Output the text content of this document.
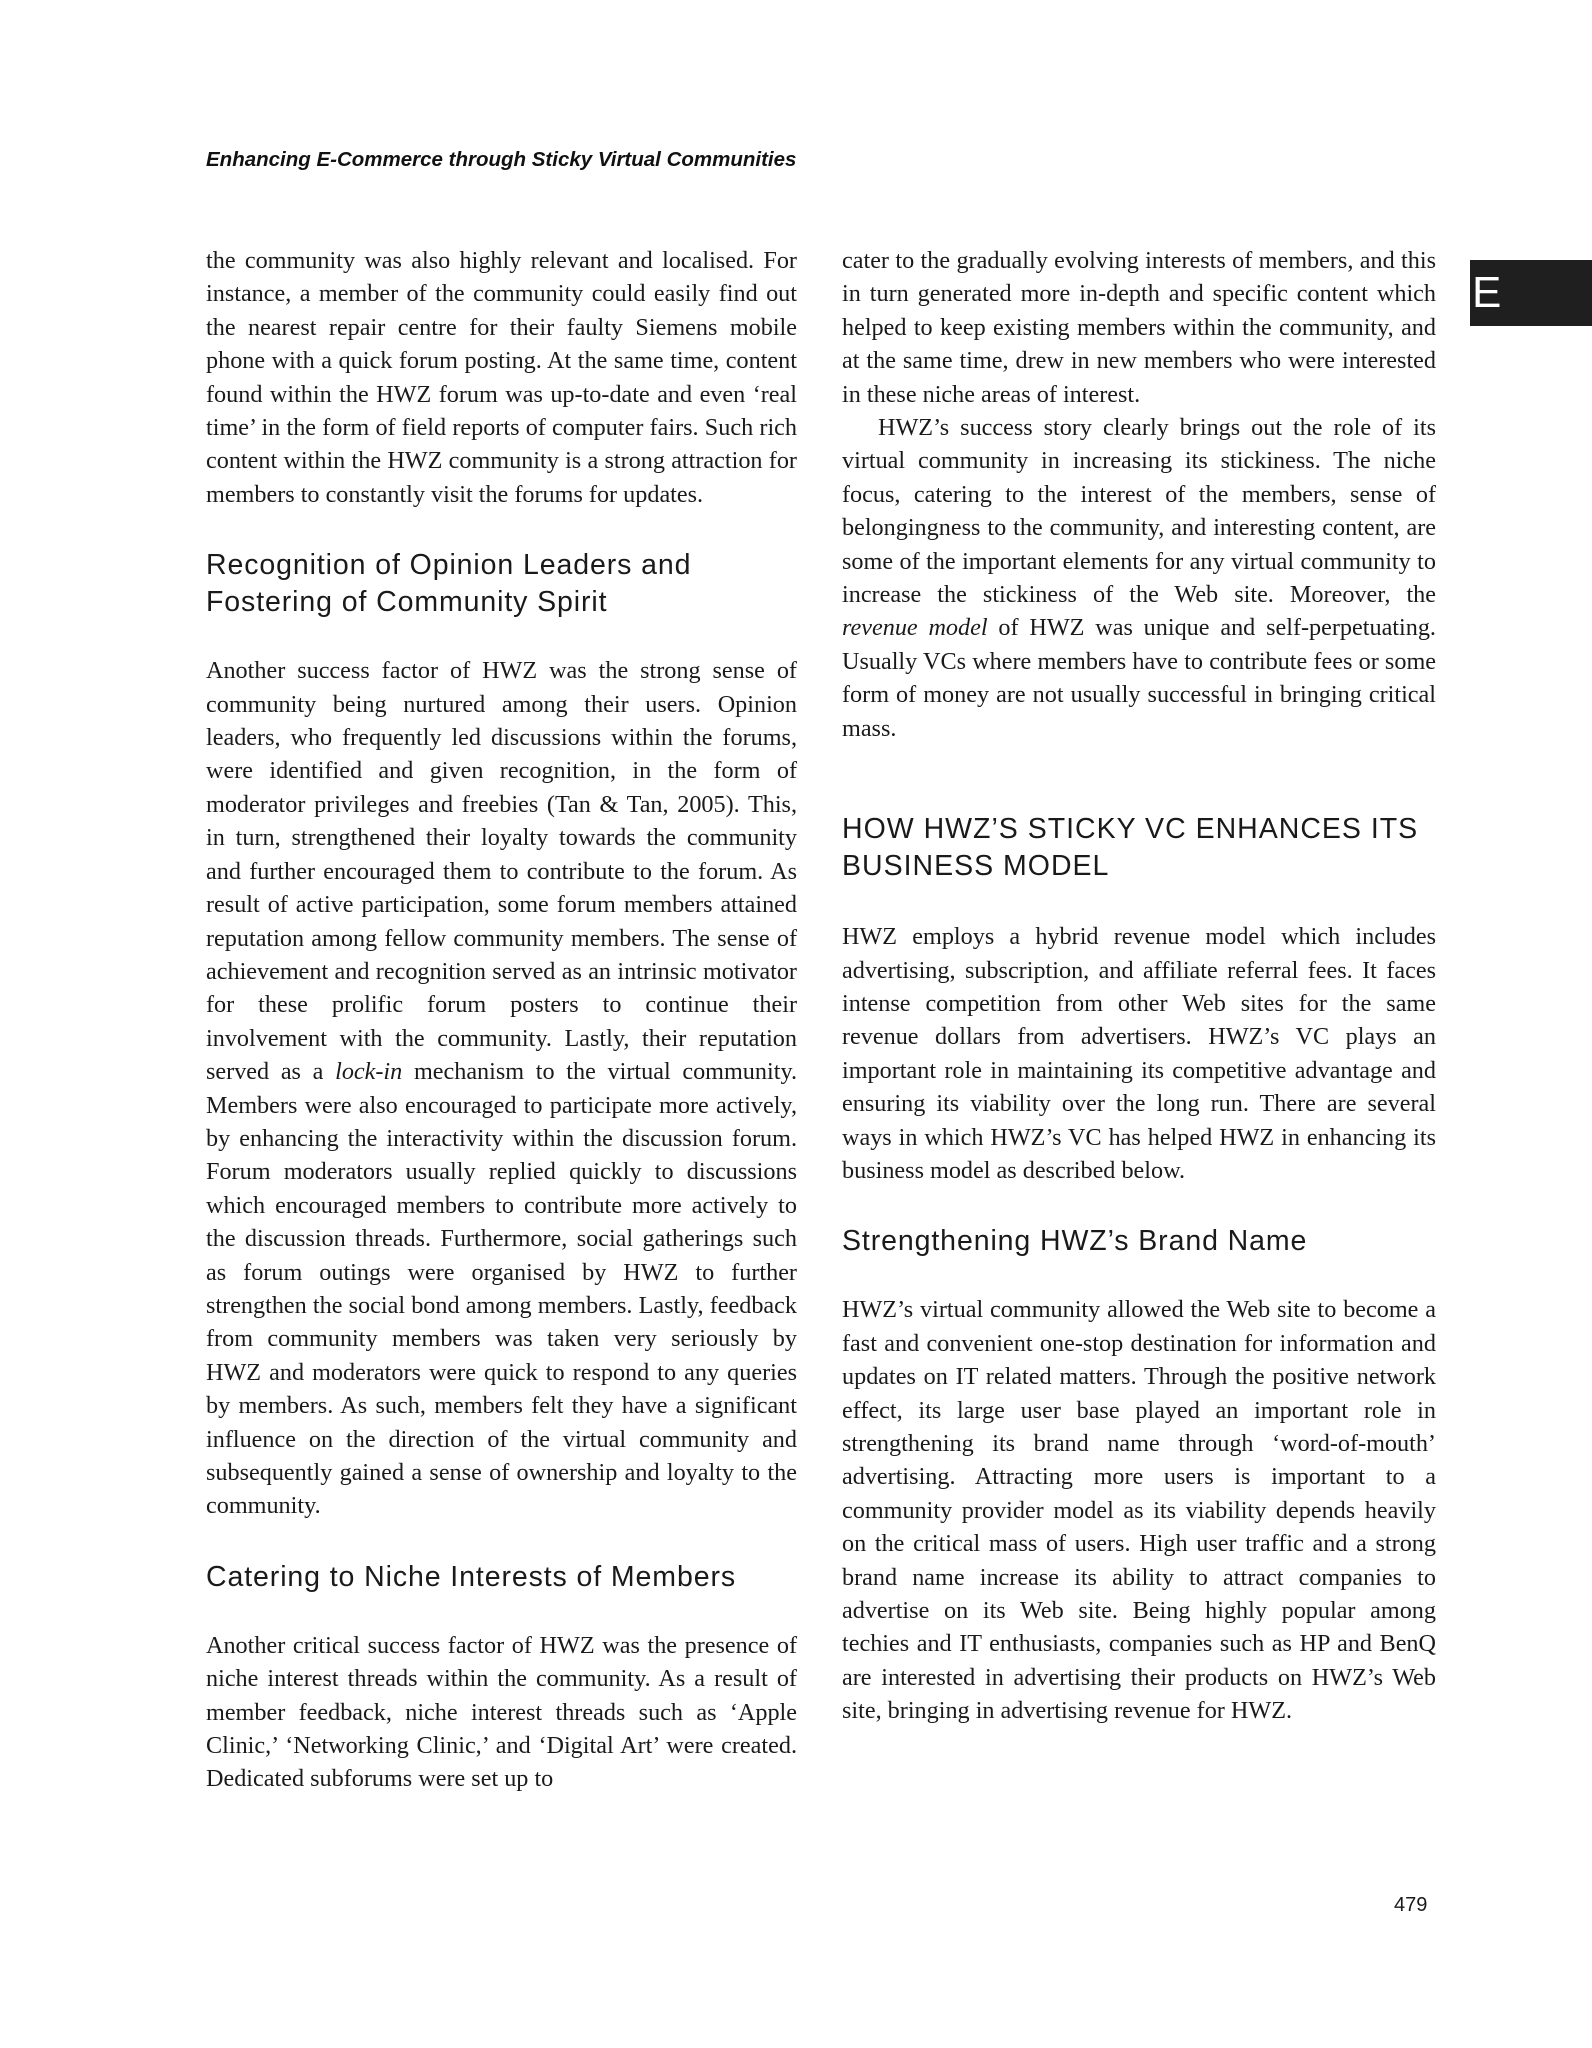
Enhancing E-Commerce through Sticky Virtual Communities
E

the community was also highly relevant and localised. For instance, a member of the community could easily find out the nearest repair centre for their faulty Siemens mobile phone with a quick forum posting. At the same time, content found within the HWZ forum was up-to-date and even ‘real time’ in the form of field reports of computer fairs. Such rich content within the HWZ community is a strong attraction for members to constantly visit the forums for updates.

Recognition of Opinion Leaders and Fostering of Community Spirit

Another success factor of HWZ was the strong sense of community being nurtured among their users. Opinion leaders, who frequently led discussions within the forums, were identified and given recognition, in the form of moderator privileges and freebies (Tan & Tan, 2005). This, in turn, strengthened their loyalty towards the community and further encouraged them to contribute to the forum. As result of active participation, some forum members attained reputation among fellow community members. The sense of achievement and recognition served as an intrinsic motivator for these prolific forum posters to continue their involvement with the community. Lastly, their reputation served as a lock-in mechanism to the virtual community. Members were also encouraged to participate more actively, by enhancing the interactivity within the discussion forum. Forum moderators usually replied quickly to discussions which encouraged members to contribute more actively to the discussion threads. Furthermore, social gatherings such as forum outings were organised by HWZ to further strengthen the social bond among members. Lastly, feedback from community members was taken very seriously by HWZ and moderators were quick to respond to any queries by members. As such, members felt they have a significant influence on the direction of the virtual community and subsequently gained a sense of ownership and loyalty to the community.

Catering to Niche Interests of Members

Another critical success factor of HWZ was the presence of niche interest threads within the community. As a result of member feedback, niche interest threads such as ‘Apple Clinic,’ ‘Networking Clinic,’ and ‘Digital Art’ were created. Dedicated subforums were set up to

cater to the gradually evolving interests of members, and this in turn generated more in-depth and specific content which helped to keep existing members within the community, and at the same time, drew in new members who were interested in these niche areas of interest.

HWZ’s success story clearly brings out the role of its virtual community in increasing its stickiness. The niche focus, catering to the interest of the members, sense of belongingness to the community, and interesting content, are some of the important elements for any virtual community to increase the stickiness of the Web site. Moreover, the revenue model of HWZ was unique and self-perpetuating. Usually VCs where members have to contribute fees or some form of money are not usually successful in bringing critical mass.

HOW HWZ’S STICKY VC ENHANCES ITS BUSINESS MODEL

HWZ employs a hybrid revenue model which includes advertising, subscription, and affiliate referral fees. It faces intense competition from other Web sites for the same revenue dollars from advertisers. HWZ’s VC plays an important role in maintaining its competitive advantage and ensuring its viability over the long run. There are several ways in which HWZ’s VC has helped HWZ in enhancing its business model as described below.

Strengthening HWZ’s Brand Name

HWZ’s virtual community allowed the Web site to become a fast and convenient one-stop destination for information and updates on IT related matters. Through the positive network effect, its large user base played an important role in strengthening its brand name through ‘word-of-mouth’ advertising. Attracting more users is important to a community provider model as its viability depends heavily on the critical mass of users. High user traffic and a strong brand name increase its ability to attract companies to advertise on its Web site. Being highly popular among techies and IT enthusiasts, companies such as HP and BenQ are interested in advertising their products on HWZ’s Web site, bringing in advertising revenue for HWZ.

479
